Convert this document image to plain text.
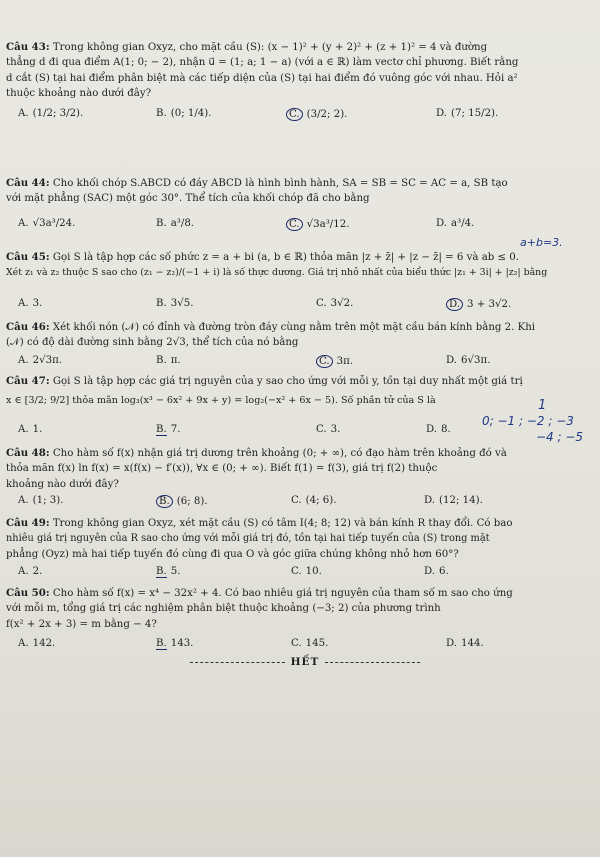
Câu 43: Trong không gian Oxyz, cho mặt cầu (S): (x − 1)² + (y + 2)² + (z + 1)² = 4 và đường
thẳng d đi qua điểm A(1; 0; − 2), nhận u⃗ = (1; a; 1 − a) (với a ∈ ℝ) làm vectơ chỉ phương. Biết rằng
d cắt (S) tại hai điểm phân biệt mà các tiếp diện của (S) tại hai điểm đó vuông góc với nhau. Hỏi a²
thuộc khoảng nào dưới đây?
A. (1/2; 3/2).	B. (0; 1/4).	C. (3/2; 2).	D. (7; 15/2).
Câu 44: Cho khối chóp S.ABCD có đáy ABCD là hình bình hành, SA = SB = SC = AC = a, SB tạo
với mặt phẳng (SAC) một góc 30°. Thể tích của khối chóp đã cho bằng
A. √3a³/24.	B. a³/8.	C. √3a³/12.	D. a³/4.
a+b=3.
Câu 45: Gọi S là tập hợp các số phức z = a + bi (a, b ∈ ℝ) thỏa mãn |z + z̄| + |z − z̄| = 6 và ab ≤ 0.
Xét z₁ và z₂ thuộc S sao cho (z₁ − z₂)/(−1 + i) là số thực dương. Giá trị nhỏ nhất của biểu thức |z₁ + 3i| + |z₂| bằng
A. 3.	B. 3√5.	C. 3√2.	D. 3 + 3√2.
Câu 46: Xét khối nón (𝒩) có đỉnh và đường tròn đáy cùng nằm trên một mặt cầu bán kính bằng 2. Khi
(𝒩) có độ dài đường sinh bằng 2√3, thể tích của nó bằng
A. 2√3π.	B. π.	C. 3π.	D. 6√3π.
Câu 47: Gọi S là tập hợp các giá trị nguyên của y sao cho ứng với mỗi y, tồn tại duy nhất một giá trị
x ∈ [3/2; 9/2] thỏa mãn log₃(x³ − 6x² + 9x + y) = log₂(−x² + 6x − 5). Số phần tử của S là
A. 1.	B. 7.	C. 3.	D. 8.
1
0; −1 ; −2 ; −3
−4 ; −5
Câu 48: Cho hàm số f(x) nhận giá trị dương trên khoảng (0; + ∞), có đạo hàm trên khoảng đó và
thỏa mãn f(x) ln f(x) = x(f(x) − f′(x)), ∀x ∈ (0; + ∞). Biết f(1) = f(3), giá trị f(2) thuộc
khoảng nào dưới đây?
A. (1; 3).	B. (6; 8).	C. (4; 6).	D. (12; 14).
Câu 49: Trong không gian Oxyz, xét mặt cầu (S) có tâm I(4; 8; 12) và bán kính R thay đổi. Có bao
nhiêu giá trị nguyên của R sao cho ứng với mỗi giá trị đó, tồn tại hai tiếp tuyến của (S) trong mặt
phẳng (Oyz) mà hai tiếp tuyến đó cùng đi qua O và góc giữa chúng không nhỏ hơn 60°?
A. 2.	B. 5.	C. 10.	D. 6.
Câu 50: Cho hàm số f(x) = x⁴ − 32x² + 4. Có bao nhiêu giá trị nguyên của tham số m sao cho ứng
với mỗi m, tổng giá trị các nghiệm phân biệt thuộc khoảng (−3; 2) của phương trình
f(x² + 2x + 3) = m bằng − 4?
A. 142.	B. 143.	C. 145.	D. 144.
HẾT
